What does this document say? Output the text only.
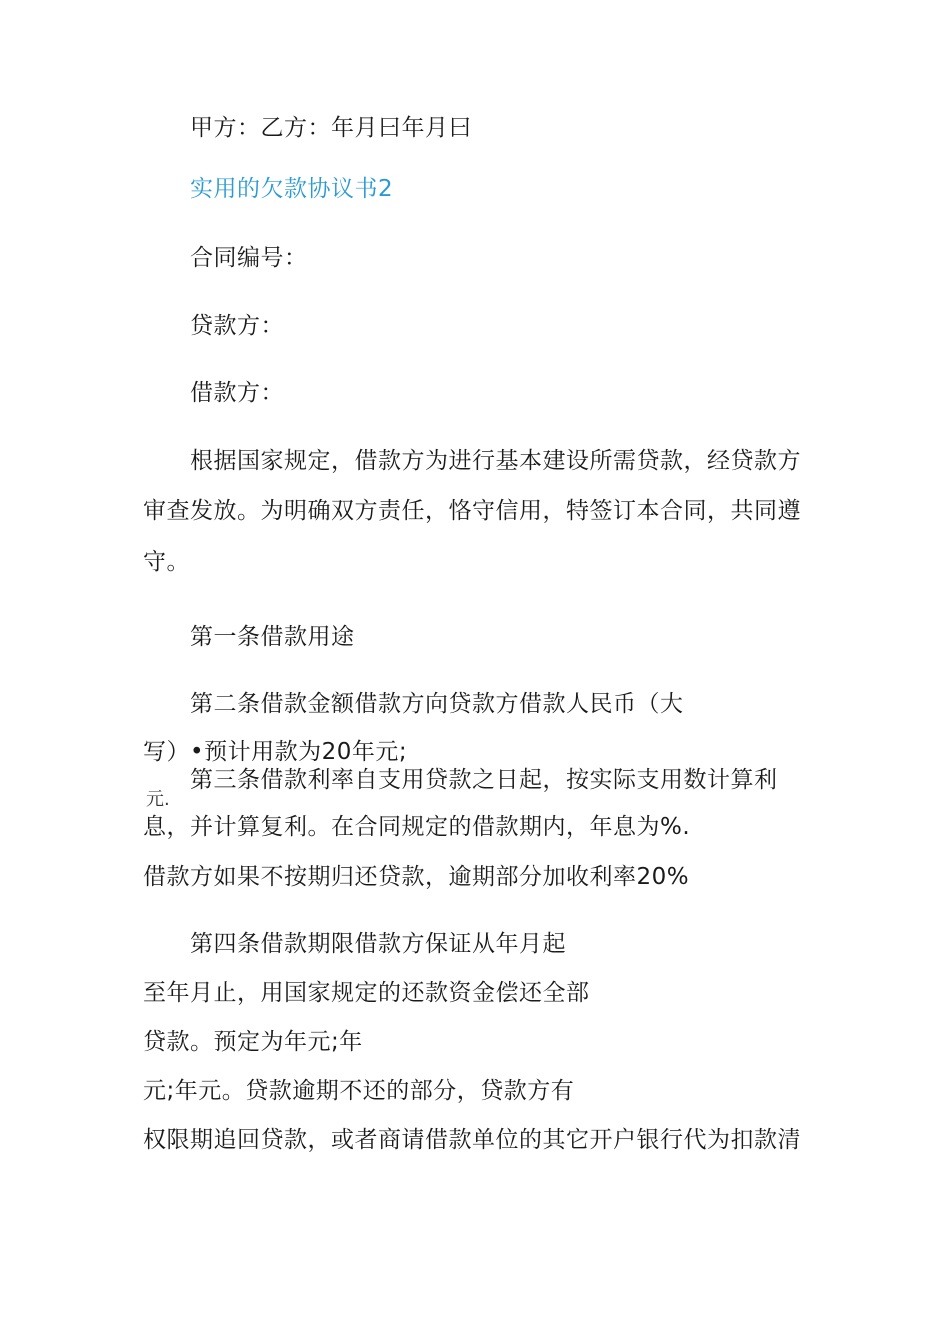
甲方：乙方：年月曰年月曰
实用的欠款协议书2
合同编号：
贷款方：
借款方：
根据国家规定，借款方为进行基本建设所需贷款，经贷款方
审查发放。为明确双方责任，恪守信用，特签订本合同，共同遵
守。
第一条借款用途
第二条借款金额借款方向贷款方借款人民币（大
写）•预计用款为20年元;
第三条借款利率自支用贷款之日起，按实际支用数计算利
元.
息，并计算复利。在合同规定的借款期内，年息为%.
借款方如果不按期归还贷款，逾期部分加收利率20%
第四条借款期限借款方保证从年月起
至年月止，用国家规定的还款资金偿还全部
贷款。预定为年元;年
元;年元。贷款逾期不还的部分，贷款方有
权限期追回贷款，或者商请借款单位的其它开户银行代为扣款清
